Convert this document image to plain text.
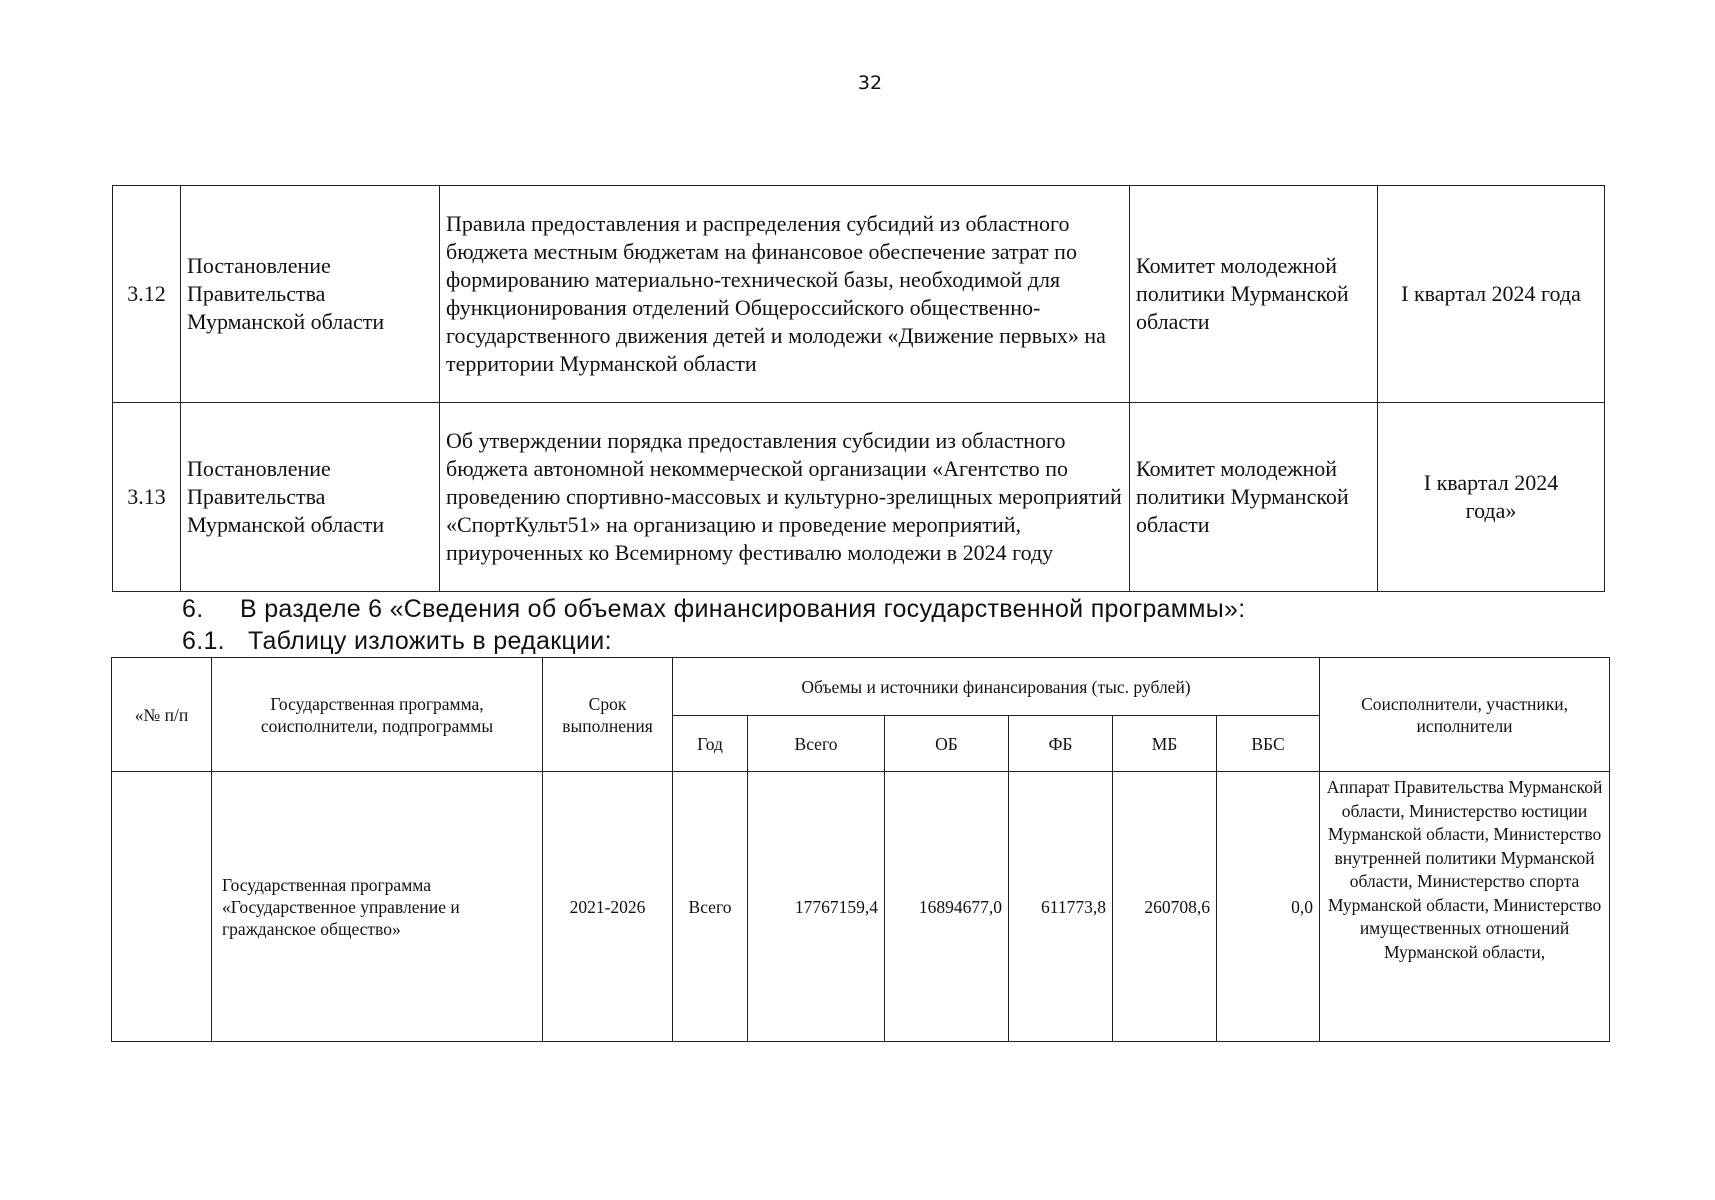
32
3.12	Постановление Правительства Мурманской области	Правила предоставления и распределения субсидий из областного бюджета местным бюджетам на финансовое обеспечение затрат по формированию материально-технической базы, необходимой для функционирования отделений Общероссийского общественно-государственного движения детей и молодежи «Движение первых» на территории Мурманской области	Комитет молодежной политики Мурманской области	I квартал 2024 года
3.13	Постановление Правительства Мурманской области	Об утверждении порядка предоставления субсидии из областного бюджета автономной некоммерческой организации «Агентство по проведению спортивно-массовых и культурно-зрелищных мероприятий «СпортКульт51» на организацию и проведение мероприятий, приуроченных ко Всемирному фестивалю молодежи в 2024 году	Комитет молодежной политики Мурманской области	I квартал 2024 года»
6. В разделе 6 «Сведения об объемах финансирования государственной программы»:
6.1. Таблицу изложить в редакции:
«№ п/п	Государственная программа, соисполнители, подпрограммы	Срок выполнения	Объемы и источники финансирования (тыс. рублей)						Соисполнители, участники, исполнители
			Год	Всего	ОБ	ФБ	МБ	ВБС	
	Государственная программа «Государственное управление и гражданское общество»	2021-2026	Всего	17767159,4	16894677,0	611773,8	260708,6	0,0	Аппарат Правительства Мурманской области, Министерство юстиции Мурманской области, Министерство внутренней политики Мурманской области, Министерство спорта Мурманской области, Министерство имущественных отношений Мурманской области,
